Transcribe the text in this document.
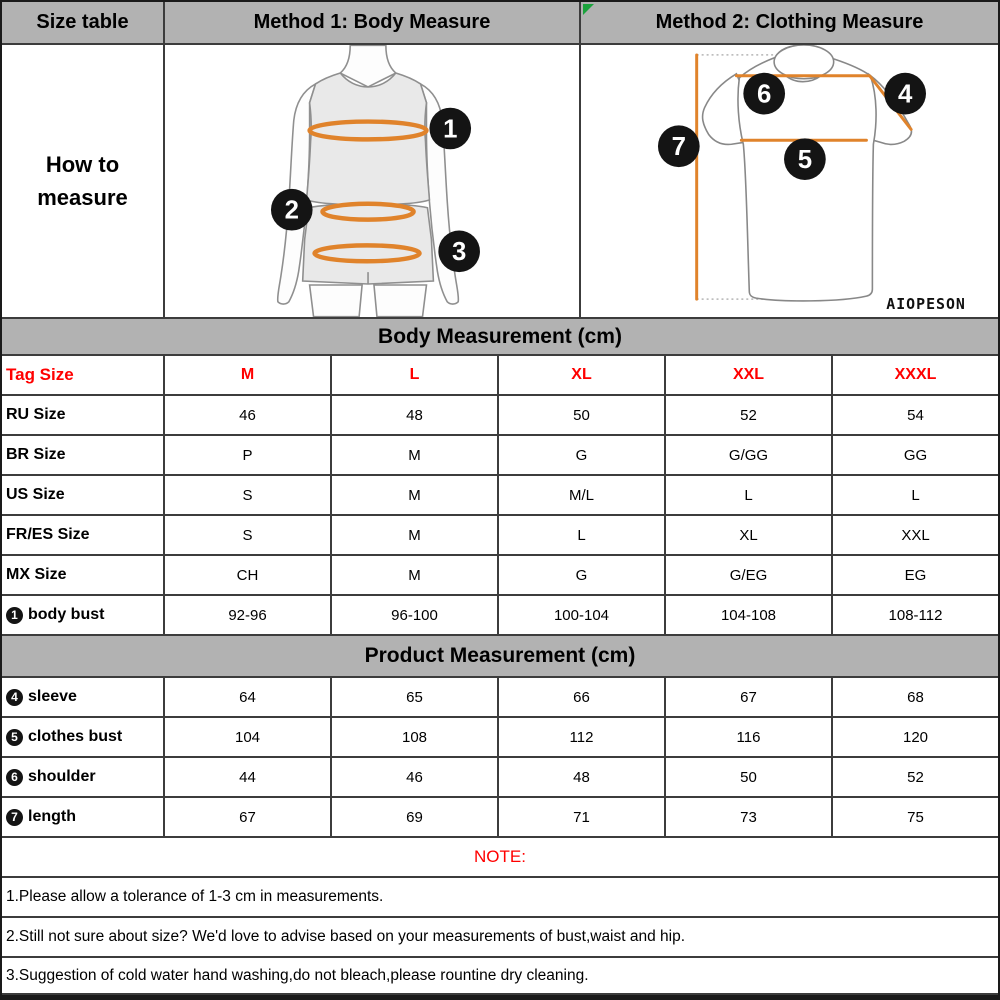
Size table	Method 1: Body Measure	Method 2: Clothing Measure
How to
measure
1
2
3
6	4
5
7
AIOPESON
Body Measurement (cm)
Tag Size	M	L	XL	XXL	XXXL
RU Size	46	48	50	52	54
BR Size	P	M	G	G/GG	GG
US Size	S	M	M/L	L	L
FR/ES Size	S	M	L	XL	XXL
MX Size	CH	M	G	G/EG	EG
1 body bust	92-96	96-100	100-104	104-108	108-112
Product Measurement (cm)
4 sleeve	64	65	66	67	68
5 clothes bust	104	108	112	116	120
6 shoulder	44	46	48	50	52
7 length	67	69	71	73	75
NOTE:
1.Please allow a tolerance of 1-3 cm in measurements.
2.Still not sure about size? We'd love to advise based on your measurements of bust,waist and hip.
3.Suggestion of cold water hand washing,do not bleach,please rountine dry cleaning.
